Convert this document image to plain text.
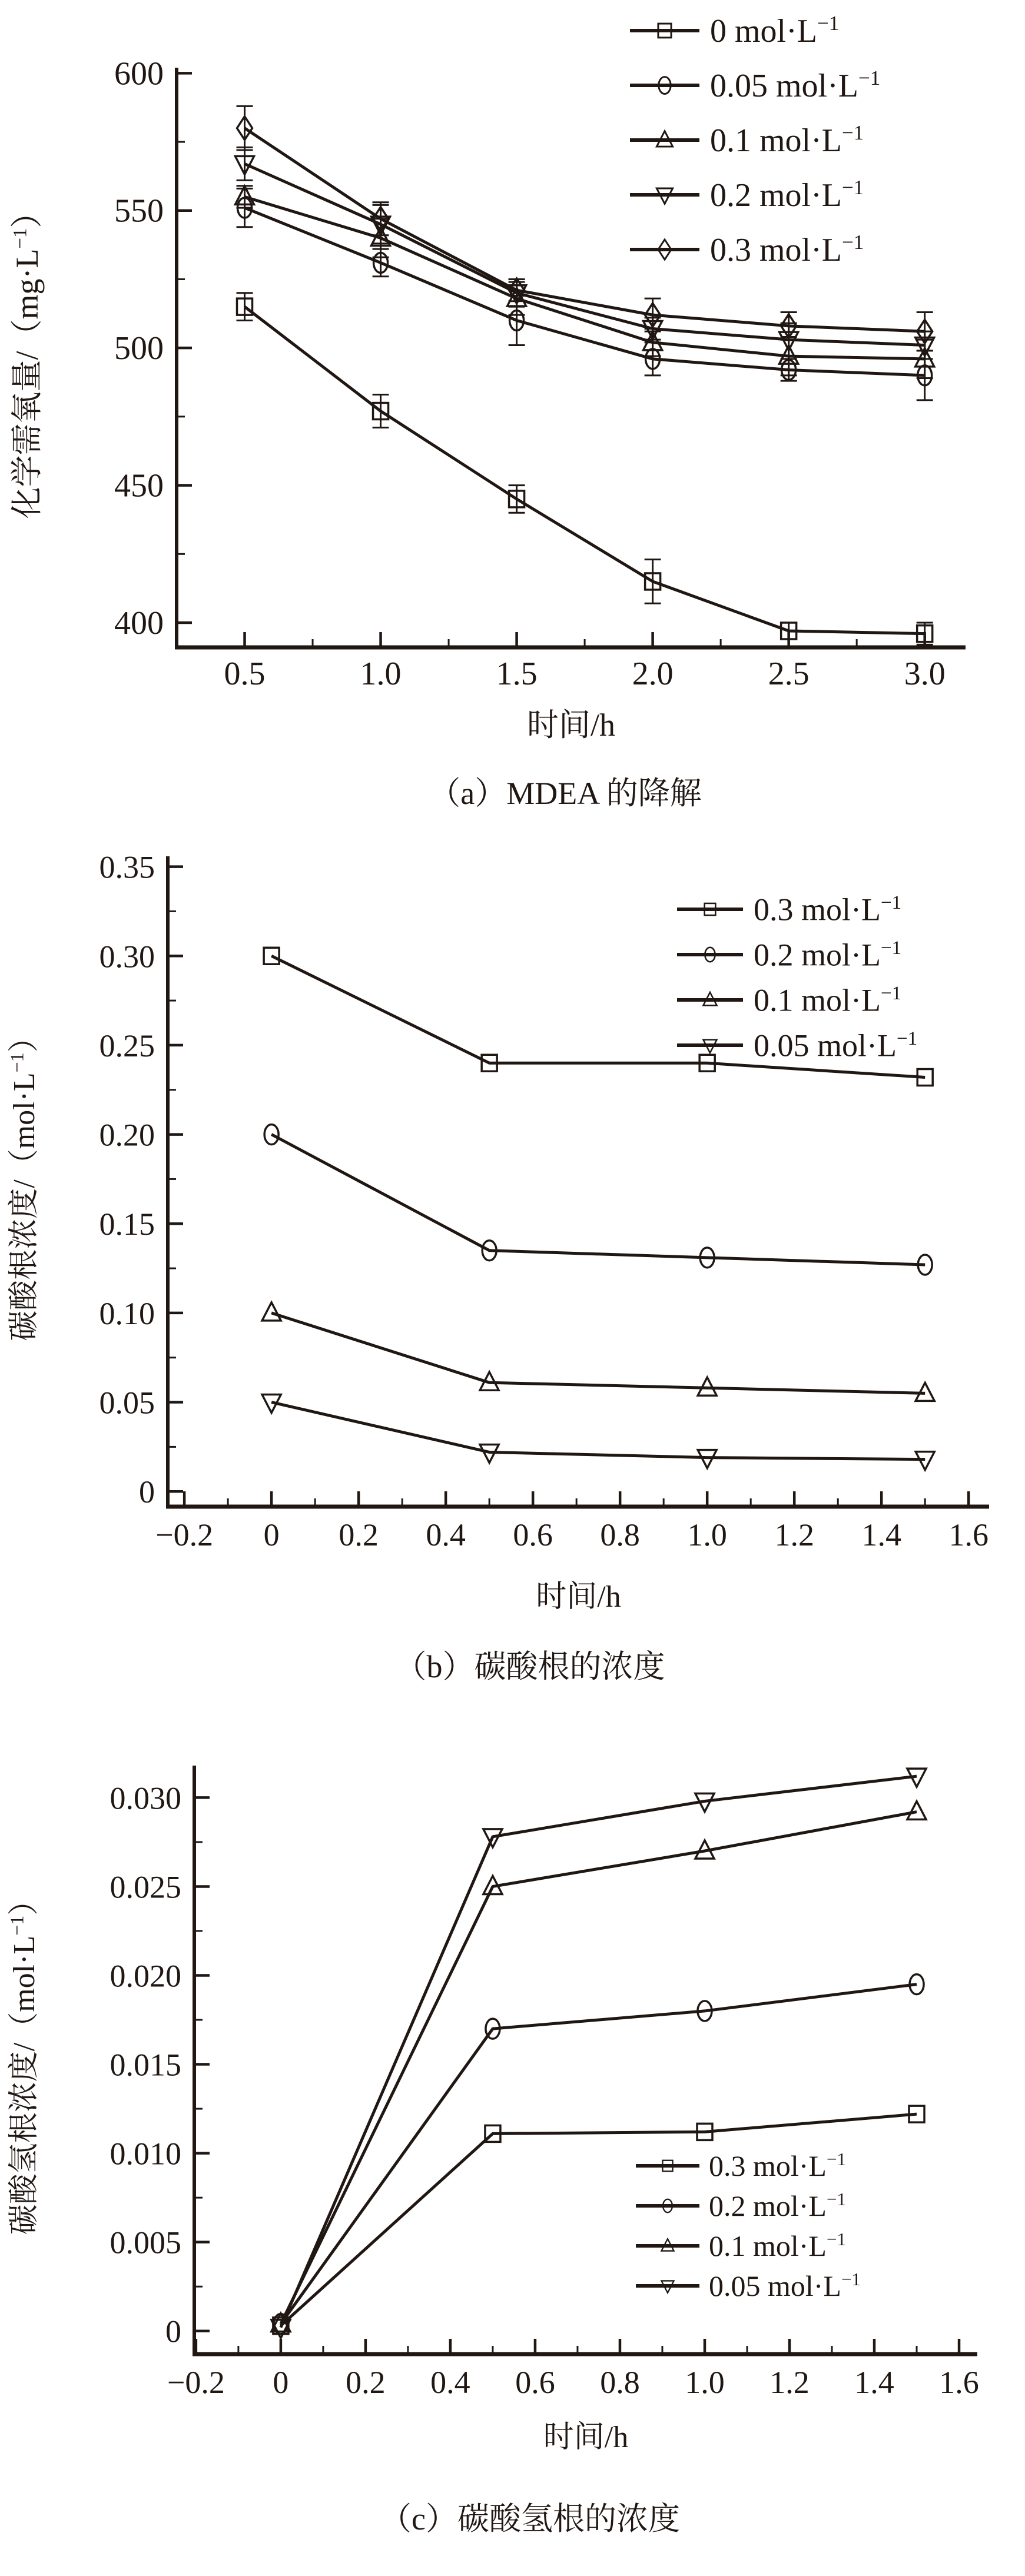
400
450
500
550
600
0.5	1.0	1.5	2.0	2.5	3.0
化学需氧量$/(mg\cdot L^{-1})$
时间/h
（a）MDEA 的降解
0 $mol\cdot L^{-1}$
0.05 $mol\cdot L^{-1}$
0.1 $mol\cdot L^{-1}$
0.2 $mol\cdot L^{-1}$
0.3 $mol\cdot L^{-1}$
0
0.05
0.10
0.15
0.20
0.25
0.30
0.35
−0.2 0 0.2 0.4 0.6 0.8 1.0 1.2 1.4 1.6
碳酸根浓度$/(mol\cdot L^{-1})$
时间/h
（b）碳酸根的浓度
0.3 $mol\cdot L^{-1}$
0.2 $mol\cdot L^{-1}$
0.1 $mol\cdot L^{-1}$
0.05 $mol\cdot L^{-1}$
0
0.005
0.010
0.015
0.020
0.025
0.030
−0.2 0 0.2 0.4 0.6 0.8 1.0 1.2 1.4 1.6
碳酸氢根浓度$/(mol\cdot L^{-1})$
时间/h
（c）碳酸氢根的浓度
0.3 $mol\cdot L^{-1}$
0.2 $mol\cdot L^{-1}$
0.1 $mol\cdot L^{-1}$
0.05 $mol\cdot L^{-1}$
